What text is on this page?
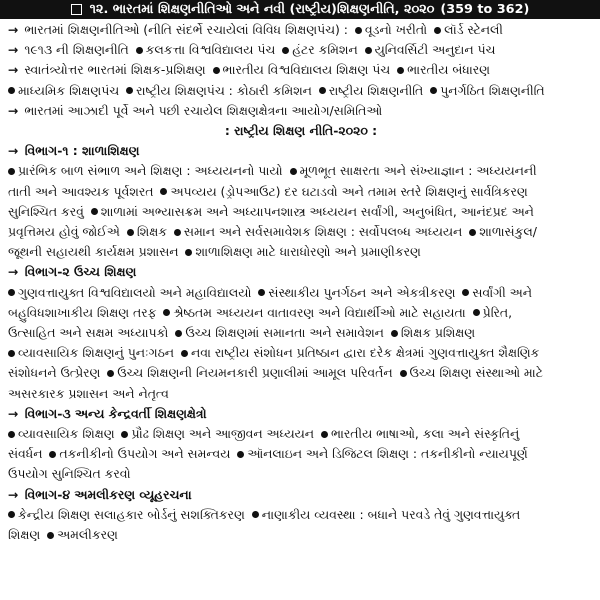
૧૨. ભારતમાં શિક્ષણનીતિઓ અને નવી (રાષ્ટ્રીય)શિક્ષણનીતિ, ૨૦૨૦ (359 to 362)
→ ભારતમાં શિક્ષણનીતિઓ (નીતિ સંદર્ભે રચાયેલાં વિવિધ શિક્ષણપંચ) : વૂડનો ખરીતો લૉર્ડ સ્ટેનલી
→ ૧૯૧૩ ની શિક્ષણનીતિ કલકત્તા વિશ્વવિદ્યાલય પંચ હંટર કમિશન યુનિવર્સિટી અનુદાન પંચ
→ સ્વાતંત્ર્યોત્તર ભારતમાં શિક્ષક-પ્રશિક્ષણ ભારતીય વિશ્વવિદ્યાલય શિક્ષણ પંચ ભારતીય બંધારણ
માધ્યમિક શિક્ષણપંચ રાષ્ટ્રીય શિક્ષણપંચ : કોઠારી કમિશન રાષ્ટ્રીય શિક્ષણનીતિ પુનર્ગઠિત શિક્ષણનીતિ
→ ભારતમાં આઝાદી પૂર્વે અને પછી રચાયેલ શિક્ષણક્ષેત્રના આયોગ/સમિતિઓ
: રાષ્ટ્રીય શિક્ષણ નીતિ-૨૦૨૦ :
→ વિભાગ-૧ : શાળાશિક્ષણ
પ્રારંભિક બાળ સંભાળ અને શિક્ષણ : અધ્યયનનો પાયો મૂળભૂત સાક્ષરતા અને સંખ્યાજ્ઞાન : અધ્યયનની
તાતી અને આવશ્યક પૂર્વશરત અપવ્યય (ડ્રોપઆઉટ) દર ઘટાડવો અને તમામ સ્તરે શિક્ષણનું સાર્વત્રિકરણ
સુનિશ્ચિત કરવું શાળામાં અભ્યાસક્રમ અને અધ્યાપનશાસ્ત્ર અધ્યયન સર્વાંગી, અનુબંધિત, આનંદપ્રદ અને
પ્રવૃત્તિમય હોવું જોઈએ શિક્ષક સમાન અને સર્વસમાવેશક શિક્ષણ : સર્વોપલબ્ધ અધ્યયન શાળાસંકુલ/
જૂથની સહાયથી કાર્યક્ષમ પ્રશાસન શાળાશિક્ષણ માટે ધારાધોરણો અને પ્રમાણીકરણ
→ વિભાગ-૨ ઉચ્ચ શિક્ષણ
ગુણવત્તાયુક્ત વિશ્વવિદ્યાલયો અને મહાવિદ્યાલયો સંસ્થાકીય પુનર્ગઠન અને એકત્રીકરણ સર્વાંગી અને
બહુવિધશાખાકીય શિક્ષણ તરફ શ્રેષ્ઠતમ અધ્યયન વાતાવરણ અને વિદ્યાર્થીઓ માટે સહાયતા પ્રેરિત,
ઉત્સાહિત અને સક્ષમ અધ્યાપકો ઉચ્ચ શિક્ષણમાં સમાનતા અને સમાવેશન શિક્ષક પ્રશિક્ષણ
વ્યાવસાયિક શિક્ષણનું પુનઃગઠન નવા રાષ્ટ્રીય સંશોધન પ્રતિષ્ઠાન દ્વારા દરેક ક્ષેત્રમાં ગુણવત્તાયુક્ત શૈક્ષણિક
સંશોધનને ઉત્પ્રેરણ ઉચ્ચ શિક્ષણની નિયમનકારી પ્રણાલીમાં આમૂલ પરિવર્તન ઉચ્ચ શિક્ષણ સંસ્થાઓ માટે
અસરકારક પ્રશાસન અને નેતૃત્વ
→ વિભાગ-૩ અન્ય કેન્દ્રવર્તી શિક્ષણક્ષેત્રો
વ્યાવસાયિક શિક્ષણ પ્રૌઢ શિક્ષણ અને આજીવન અધ્યયન ભારતીય ભાષાઓ, કલા અને સંસ્કૃતિનું
સંવર્ધન તકનીકીનો ઉપયોગ અને સમન્વય ઑનલાઇન અને ડિજિટલ શિક્ષણ : તકનીકીનો ન્યાયપૂર્ણ
ઉપયોગ સુનિશ્ચિત કરવો
→ વિભાગ-૪ અમલીકરણ વ્યૂહરચના
કેન્દ્રીય શિક્ષણ સલાહકાર બોર્ડનું સશક્તિકરણ નાણાકીય વ્યવસ્થા : બધાને પરવડે તેવું ગુણવત્તાયુક્ત
શિક્ષણ અમલીકરણ
